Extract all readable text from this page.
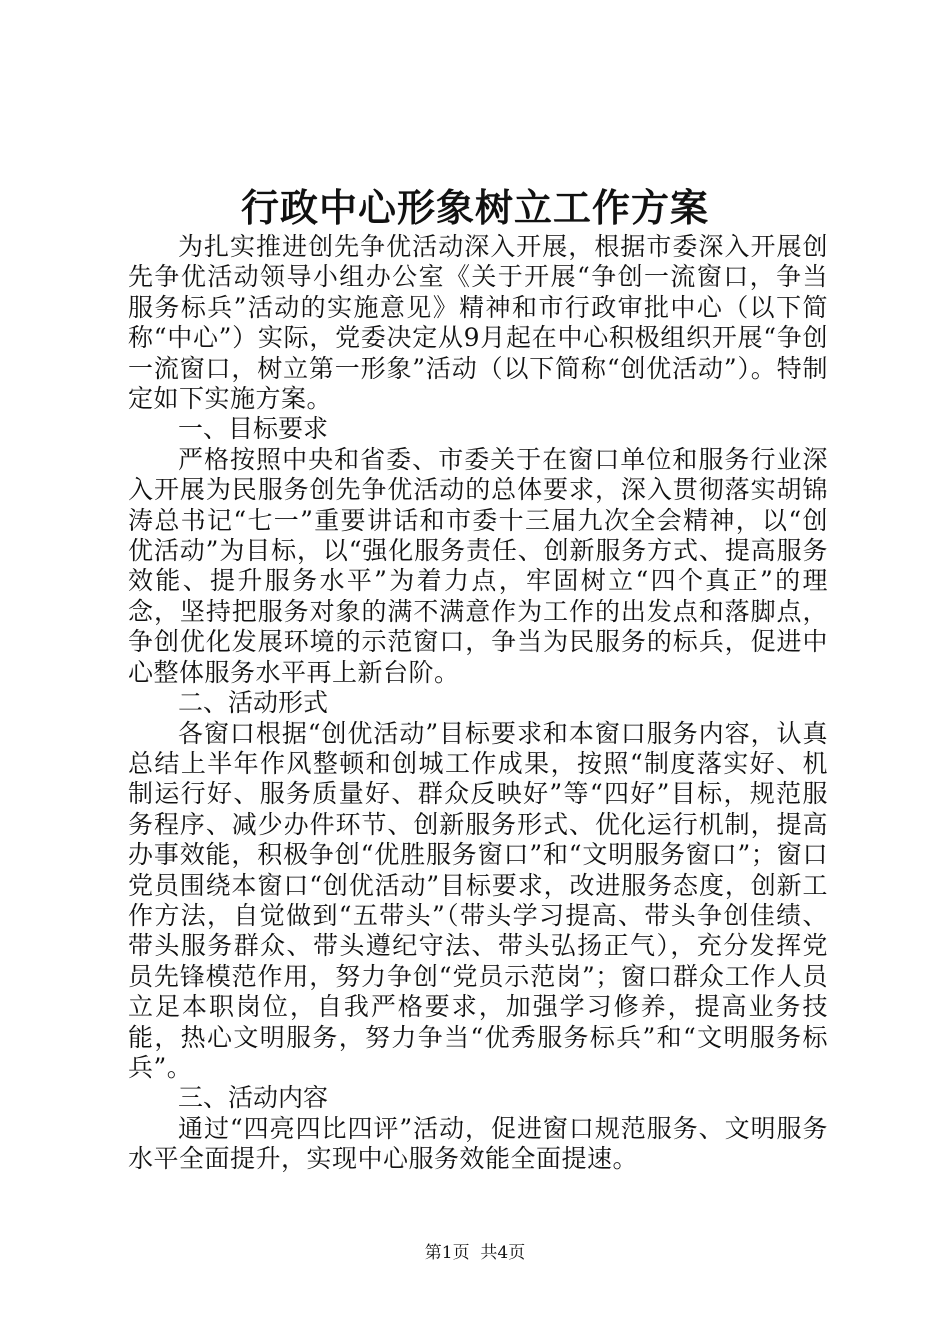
行政中心形象树立工作方案

为扎实推进创先争优活动深入开展，根据市委深入开展创先争优活动领导小组办公室《关于开展“争创一流窗口，争当服务标兵”活动的实施意见》精神和市行政审批中心（以下简称“中心”）实际，党委决定从9月起在中心积极组织开展“争创一流窗口，树立第一形象”活动（以下简称“创优活动”）。特制定如下实施方案。

一、目标要求

严格按照中央和省委、市委关于在窗口单位和服务行业深入开展为民服务创先争优活动的总体要求，深入贯彻落实胡锦涛总书记“七一”重要讲话和市委十三届九次全会精神，以“创优活动”为目标，以“强化服务责任、创新服务方式、提高服务效能、提升服务水平”为着力点，牢固树立“四个真正”的理念，坚持把服务对象的满不满意作为工作的出发点和落脚点，争创优化发展环境的示范窗口，争当为民服务的标兵，促进中心整体服务水平再上新台阶。

二、活动形式

各窗口根据“创优活动”目标要求和本窗口服务内容，认真总结上半年作风整顿和创城工作成果，按照“制度落实好、机制运行好、服务质量好、群众反映好”等“四好”目标，规范服务程序、减少办件环节、创新服务形式、优化运行机制，提高办事效能，积极争创“优胜服务窗口”和“文明服务窗口”；窗口党员围绕本窗口“创优活动”目标要求，改进服务态度，创新工作方法，自觉做到“五带头”（带头学习提高、带头争创佳绩、带头服务群众、带头遵纪守法、带头弘扬正气），充分发挥党员先锋模范作用，努力争创“党员示范岗”；窗口群众工作人员立足本职岗位，自我严格要求，加强学习修养，提高业务技能，热心文明服务，努力争当“优秀服务标兵”和“文明服务标兵”。

三、活动内容

通过“四亮四比四评”活动，促进窗口规范服务、文明服务水平全面提升，实现中心服务效能全面提速。

第1页  共4页
